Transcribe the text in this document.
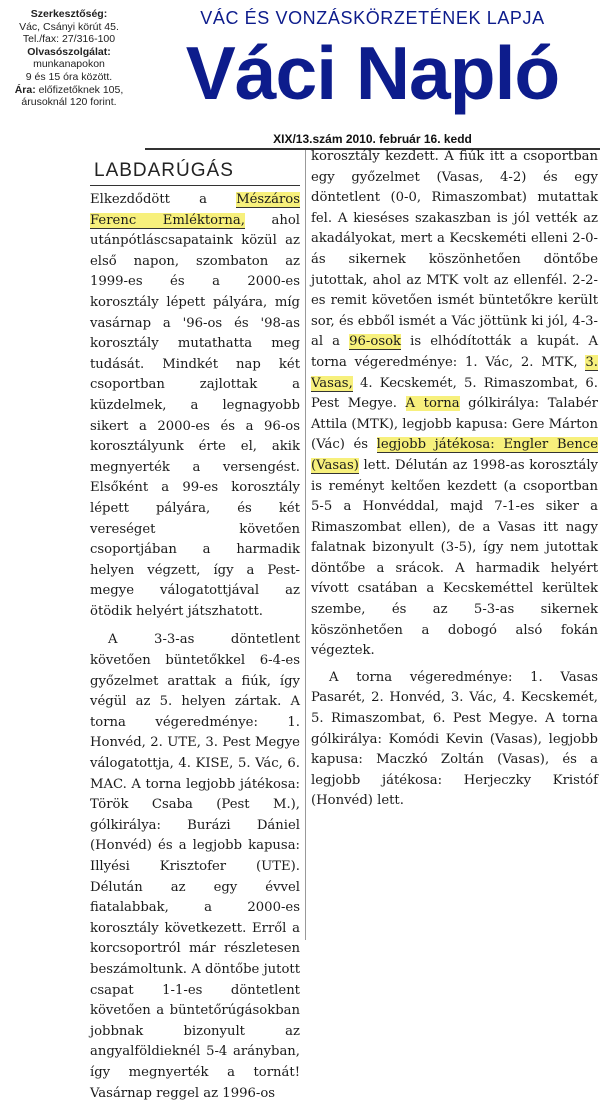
Szerkesztőség:
Vác, Csányi körút 45.
Tel./fax: 27/316-100
Olvasószolgálat:
munkanapokon
9 és 15 óra között.
Ára: előfizetőknek 105,
árusoknál 120 forint.
VÁC ÉS VONZÁSKÖRZETÉNEK LAPJA
Váci Napló
XIX/13.szám 2010. február 16. kedd
LABDARÚGÁS

Elkezdődött a Mészáros Ferenc Emléktorna, ahol utánpótláscsapataink közül az első napon, szombaton az 1999-es és a 2000-es korosztály lépett pályára, míg vasárnap a '96-os és '98-as korosztály mutathatta meg tudását. Mindkét nap két csoportban zajlottak a küzdelmek, a legnagyobb sikert a 2000-es és a 96-os korosztályunk érte el, akik megnyerték a versengést. Elsőként a 99-es korosztály lépett pályára, és két vereséget követően csoportjában a harmadik helyen végzett, így a Pest-megye válogatottjával az ötödik helyért játszhatott.

A 3-3-as döntetlent követően büntetőkkel 6-4-es győzelmet arattak a fiúk, így végül az 5. helyen zártak. A torna végeredménye: 1. Honvéd, 2. UTE, 3. Pest Megye válogatottja, 4. KISE, 5. Vác, 6. MAC. A torna legjobb játékosa: Török Csaba (Pest M.), gólkirálya: Burázi Dániel (Honvéd) és a legjobb kapusa: Illyési Krisztofer (UTE). Délután az egy évvel fiatalabbak, a 2000-es korosztály következett. Erről a korcsoportról már részletesen beszámoltunk. A döntőbe jutott csapat 1-1-es döntetlent követően a büntetőrúgásokban jobbnak bizonyult az angyalföldieknél 5-4 arányban, így megnyerték a tornát! Vasárnap reggel az 1996-os

korosztály kezdett. A fiúk itt a csoportban egy győzelmet (Vasas, 4-2) és egy döntetlent (0-0, Rimaszombat) mutattak fel. A kieséses szakaszban is jól vették az akadályokat, mert a Kecskeméti elleni 2-0-ás sikernek köszönhetően döntőbe jutottak, ahol az MTK volt az ellenfél. 2-2-es remit követően ismét büntetőkre került sor, és ebből ismét a Vác jöttünk ki jól, 4-3-al a 96-osok is elhódították a kupát. A torna végeredménye: 1. Vác, 2. MTK, 3. Vasas, 4. Kecskemét, 5. Rimaszombat, 6. Pest Megye. A torna gólkirálya: Talabér Attila (MTK), legjobb kapusa: Gere Márton (Vác) és legjobb játékosa: Engler Bence (Vasas) lett. Délután az 1998-as korosztály is reményt keltően kezdett (a csoportban 5-5 a Honvéddal, majd 7-1-es siker a Rimaszombat ellen), de a Vasas itt nagy falatnak bizonyult (3-5), így nem jutottak döntőbe a srácok. A harmadik helyért vívott csatában a Kecskeméttel kerültek szembe, és az 5-3-as sikernek köszönhetően a dobogó alsó fokán végeztek.

A torna végeredménye: 1. Vasas Pasarét, 2. Honvéd, 3. Vác, 4. Kecskemét, 5. Rimaszombat, 6. Pest Megye. A torna gólkirálya: Komódi Kevin (Vasas), legjobb kapusa: Maczkó Zoltán (Vasas), és a legjobb játékosa: Herjeczky Kristóf (Honvéd) lett.
